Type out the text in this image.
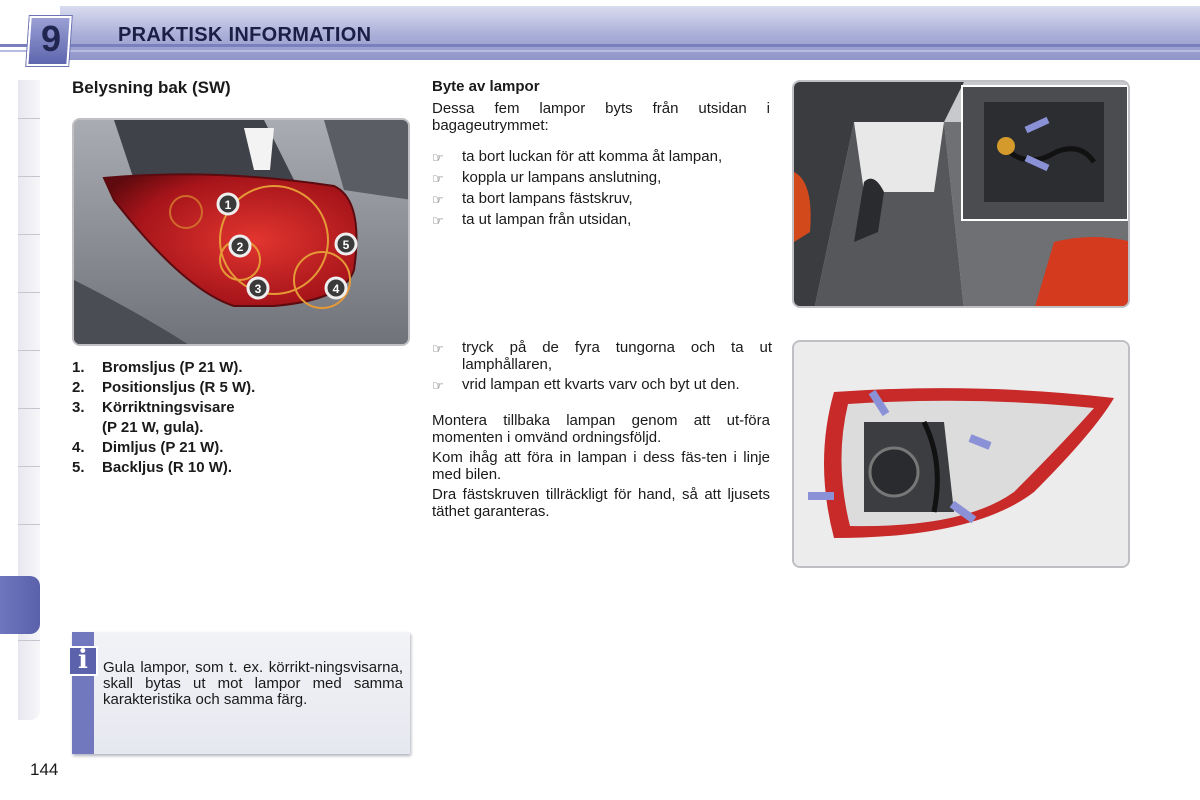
9	PRAKTISK INFORMATION
Belysning bak (SW)
1
2
3	4
5
1.	Bromsljus (P 21 W).
2.	Positionsljus (R 5 W).
3.	Körriktningsvisare
(P 21 W, gula).
4.	Dimljus (P 21 W).
5.	Backljus (R 10 W).
i	Gula lampor, som t. ex. körrikt-ningsvisarna, skall bytas ut mot lampor med samma karakteristika och samma färg.
144
Byte av lampor
Dessa fem lampor byts från utsidan i bagageutrymmet:
☞	ta bort luckan för att komma åt lampan,
☞	koppla ur lampans anslutning,
☞	ta bort lampans fästskruv,
☞	ta ut lampan från utsidan,
☞	tryck på de fyra tungorna och ta ut lamphållaren,
☞	vrid lampan ett kvarts varv och byt ut den.
Montera tillbaka lampan genom att ut-föra momenten i omvänd ordningsföljd.
Kom ihåg att föra in lampan i dess fäs-ten i linje med bilen.
Dra fästskruven tillräckligt för hand, så att ljusets täthet garanteras.
